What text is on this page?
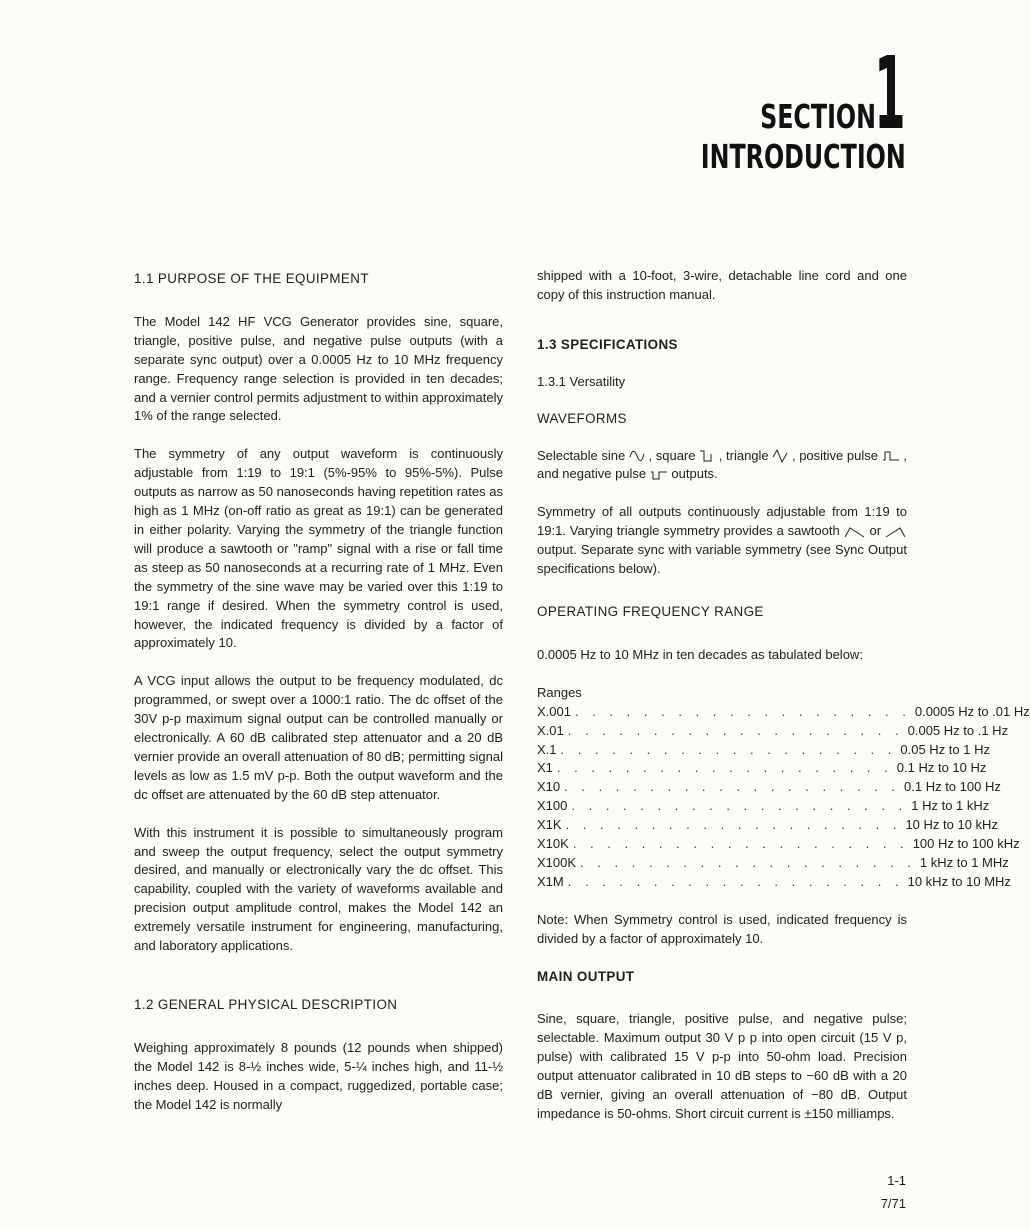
1
SECTION
INTRODUCTION
1.1 PURPOSE OF THE EQUIPMENT

The Model 142 HF VCG Generator provides sine, square, triangle, positive pulse, and negative pulse outputs (with a separate sync output) over a 0.0005 Hz to 10 MHz frequency range. Frequency range selection is provided in ten decades; and a vernier control permits adjustment to within approximately 1% of the range selected.

The symmetry of any output waveform is continuously adjustable from 1:19 to 19:1 (5%-95% to 95%-5%). Pulse outputs as narrow as 50 nanoseconds having repetition rates as high as 1 MHz (on-off ratio as great as 19:1) can be generated in either polarity. Varying the symmetry of the triangle function will produce a sawtooth or "ramp" signal with a rise or fall time as steep as 50 nanoseconds at a recurring rate of 1 MHz. Even the symmetry of the sine wave may be varied over this 1:19 to 19:1 range if desired. When the symmetry control is used, however, the indicated frequency is divided by a factor of approximately 10.

A VCG input allows the output to be frequency modulated, dc programmed, or swept over a 1000:1 ratio. The dc offset of the 30V p-p maximum signal output can be controlled manually or electronically. A 60 dB calibrated step attenuator and a 20 dB vernier provide an overall attenuation of 80 dB; permitting signal levels as low as 1.5 mV p-p. Both the output waveform and the dc offset are attenuated by the 60 dB step attenuator.

With this instrument it is possible to simultaneously program and sweep the output frequency, select the output symmetry desired, and manually or electronically vary the dc offset. This capability, coupled with the variety of waveforms available and precision output amplitude control, makes the Model 142 an extremely versatile instrument for engineering, manufacturing, and laboratory applications.

1.2 GENERAL PHYSICAL DESCRIPTION

Weighing approximately 8 pounds (12 pounds when shipped) the Model 142 is 8-½ inches wide, 5-¼ inches high, and 11-½ inches deep. Housed in a compact, ruggedized, portable case; the Model 142 is normally

shipped with a 10-foot, 3-wire, detachable line cord and one copy of this instruction manual.

1.3 SPECIFICATIONS
1.3.1 Versatility
WAVEFORMS

Selectable sine , square , triangle , positive pulse , and negative pulse outputs.

Symmetry of all outputs continuously adjustable from 1:19 to 19:1. Varying triangle symmetry provides a sawtooth or  output. Separate sync with variable symmetry (see Sync Output specifications below).

OPERATING FREQUENCY RANGE

0.0005 Hz to 10 MHz in ten decades as tabulated below:

Ranges
X.001 . . . . . . . . . . . . . . . . . . . . 0.0005 Hz to .01 Hz
X.01 . . . . . . . . . . . . . . . . . . . . 0.005 Hz to .1 Hz
X.1 . . . . . . . . . . . . . . . . . . . . 0.05 Hz to 1 Hz
X1 . . . . . . . . . . . . . . . . . . . . 0.1 Hz to 10 Hz
X10 . . . . . . . . . . . . . . . . . . . . 0.1 Hz to 100 Hz
X100 . . . . . . . . . . . . . . . . . . . . 1 Hz to 1 kHz
X1K . . . . . . . . . . . . . . . . . . . . 10 Hz to 10 kHz
X10K . . . . . . . . . . . . . . . . . . . . 100 Hz to 100 kHz
X100K . . . . . . . . . . . . . . . . . . . . 1 kHz to 1 MHz
X1M . . . . . . . . . . . . . . . . . . . . 10 kHz to 10 MHz

Note: When Symmetry control is used, indicated frequency is divided by a factor of approximately 10.

MAIN OUTPUT

Sine, square, triangle, positive pulse, and negative pulse; selectable. Maximum output 30 V p p into open circuit (15 V p, pulse) with calibrated 15 V p-p into 50-ohm load. Precision output attenuator calibrated in 10 dB steps to −60 dB with a 20 dB vernier, giving an overall attenuation of −80 dB. Output impedance is 50-ohms. Short circuit current is ±150 milliamps.

1-1
7/71
